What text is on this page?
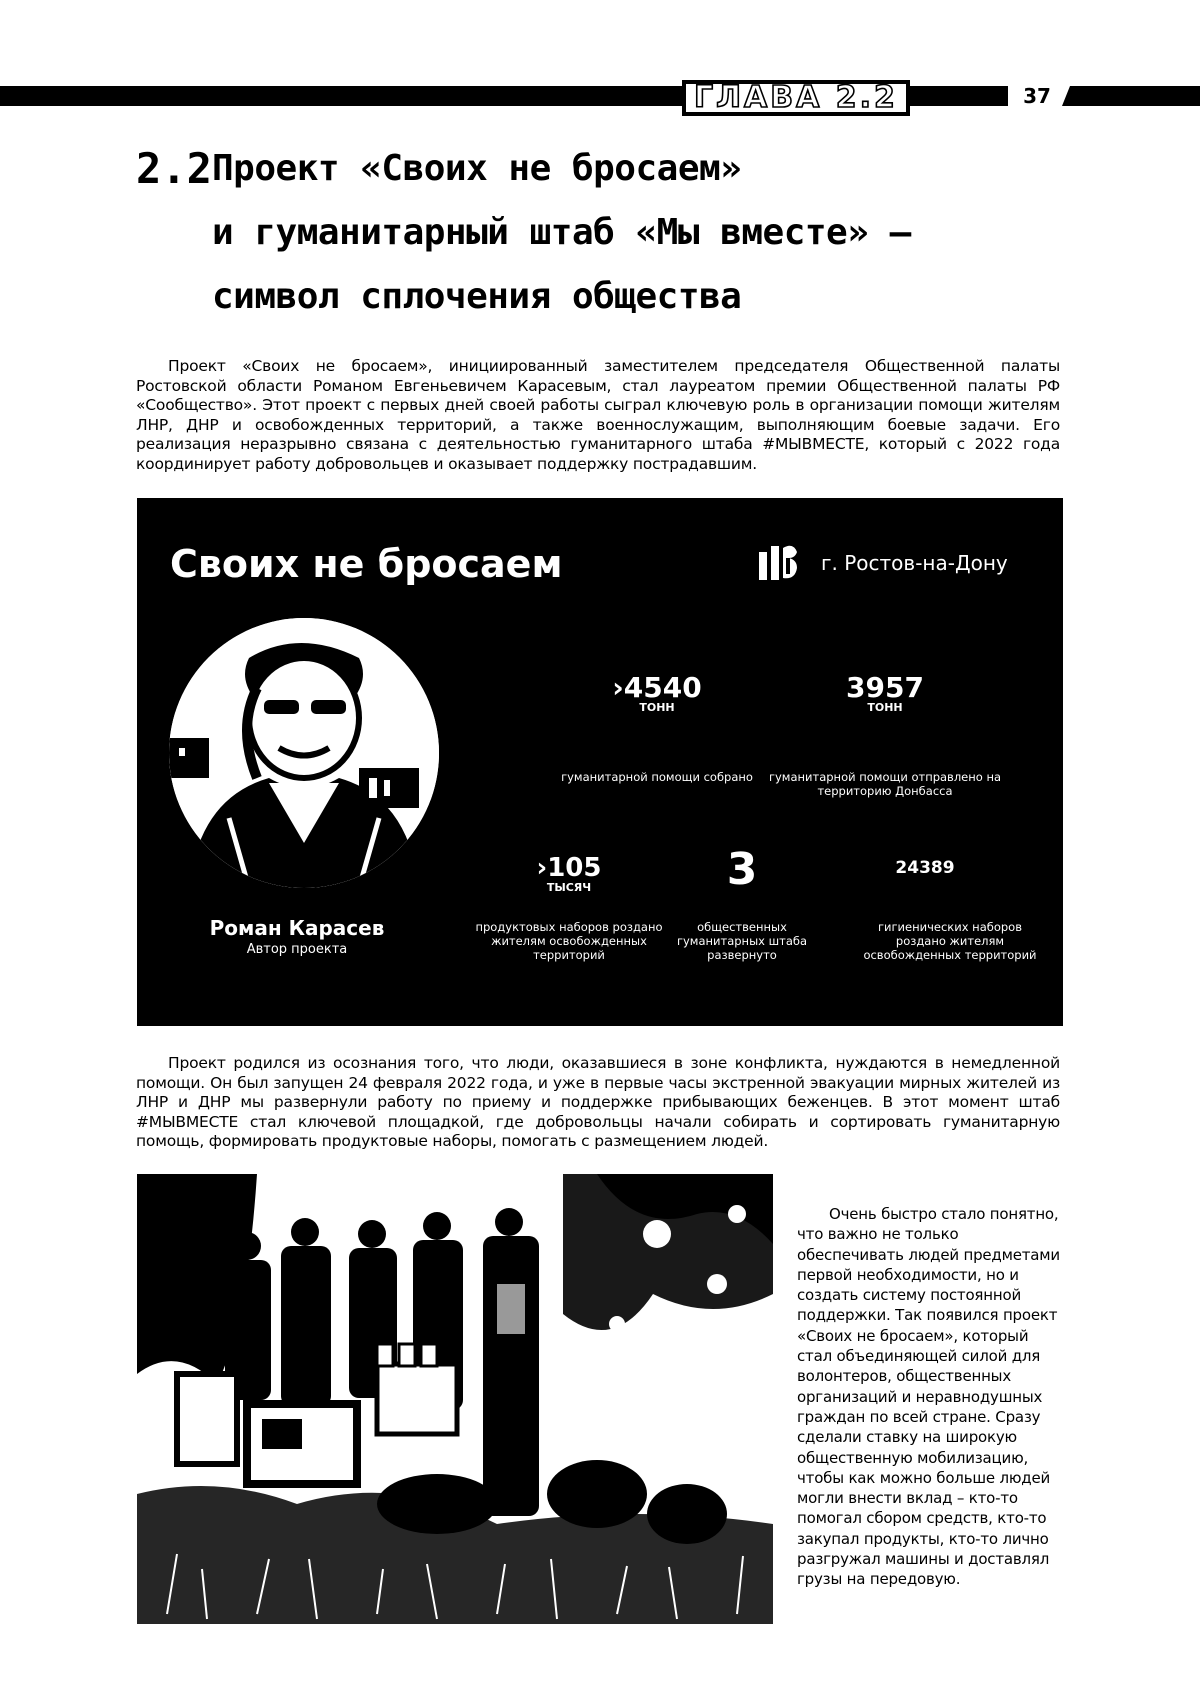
ГЛАВА 2.2	37
2.2 Проект «Своих не бросаем»
и гуманитарный штаб «Мы вместе» –
символ сплочения общества

Проект «Своих не бросаем», инициированный заместителем председателя Общественной палаты Ростовской области Романом Евгеньевичем Карасевым, стал лауреатом премии Общественной палаты РФ «Сообщество». Этот проект с первых дней своей работы сыграл ключевую роль в организации помощи жителям ЛНР, ДНР и освобожденных территорий, а также военнослужащим, выполняющим боевые задачи. Его реализация неразрывно связана с деятельностью гуманитарного штаба #МЫВМЕСТЕ, который с 2022 года координирует работу добровольцев и оказывает поддержку пострадавшим.

Своих не бросаем	г. Ростов-на-Дону
Роман Карасев
Автор проекта
›4540
ТОНН
гуманитарной помощи собрано
3957
ТОНН
гуманитарной помощи отправлено на территорию Донбасса
›105
ТЫСЯЧ
продуктовых наборов роздано жителям освобожденных территорий
3
общественных гуманитарных штаба развернуто
24389
гигиенических наборов роздано жителям освобожденных территорий

Проект родился из осознания того, что люди, оказавшиеся в зоне конфликта, нуждаются в немедленной помощи. Он был запущен 24 февраля 2022 года, и уже в первые часы экстренной эвакуации мирных жителей из ЛНР и ДНР мы развернули работу по приему и поддержке прибывающих беженцев. В этот момент штаб #МЫВМЕСТЕ стал ключевой площадкой, где добровольцы начали собирать и сортировать гуманитарную помощь, формировать продуктовые наборы, помогать с размещением людей.

Очень быстро стало понятно, что важно не только обеспечивать людей предметами первой необходимости, но и создать систему постоянной поддержки. Так появился проект «Своих не бросаем», который стал объединяющей силой для волонтеров, общественных организаций и неравнодушных граждан по всей стране. Сразу сделали ставку на широкую общественную мобилизацию, чтобы как можно больше людей могли внести вклад – кто-то помогал сбором средств, кто-то закупал продукты, кто-то лично разгружал машины и доставлял грузы на передовую.
